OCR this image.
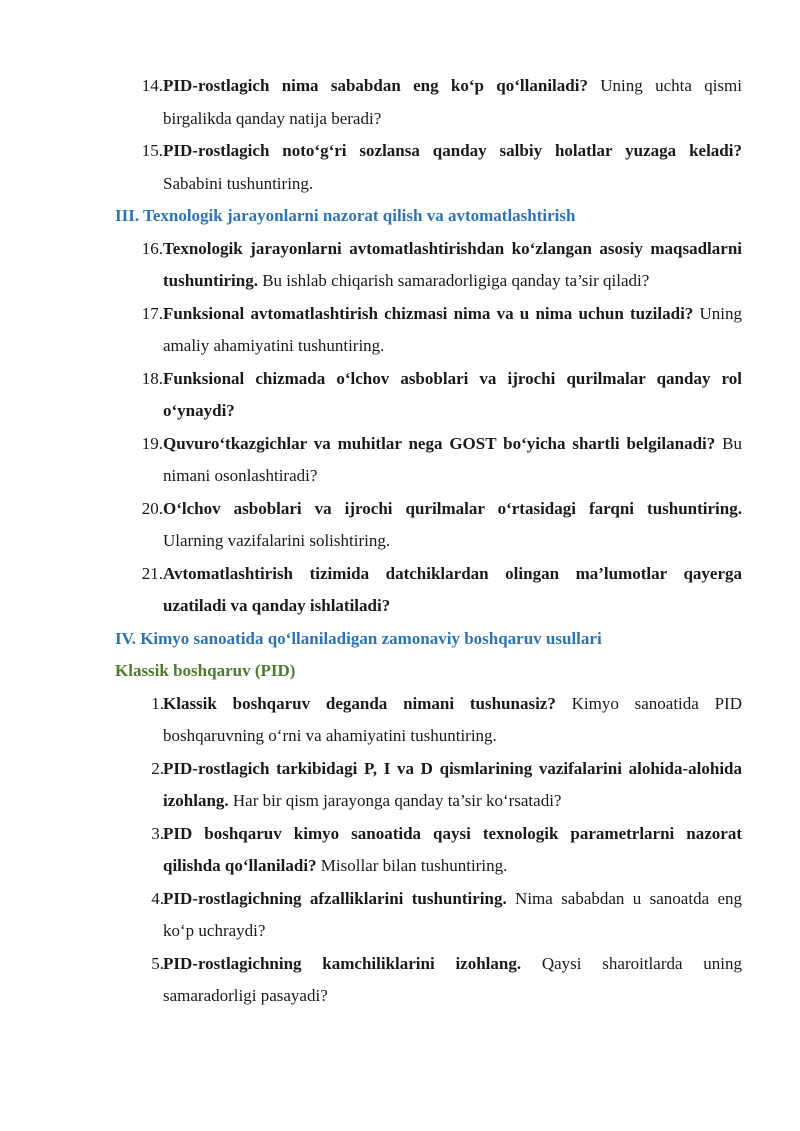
14. PID-rostlagich nima sababdan eng ko‘p qo‘llaniladi? Uning uchta qismi birgalikda qanday natija beradi?
15. PID-rostlagich noto‘g‘ri sozlansa qanday salbiy holatlar yuzaga keladi? Sababini tushuntiring.
III. Texnologik jarayonlarni nazorat qilish va avtomatlashtirish
16. Texnologik jarayonlarni avtomatlashtirishdan ko‘zlangan asosiy maqsadlarni tushuntiring. Bu ishlab chiqarish samaradorligiga qanday ta’sir qiladi?
17. Funksional avtomatlashtirish chizmasi nima va u nima uchun tuziladi? Uning amaliy ahamiyatini tushuntiring.
18. Funksional chizmada o‘lchov asboblari va ijrochi qurilmalar qanday rol o‘ynaydi?
19. Quvuro‘tkazgichlar va muhitlar nega GOST bo‘yicha shartli belgilanadi? Bu nimani osonlashtiradi?
20. O‘lchov asboblari va ijrochi qurilmalar o‘rtasidagi farqni tushuntiring. Ularning vazifalarini solishtiring.
21. Avtomatlashtirish tizimida datchiklardan olingan ma’lumotlar qayerga uzatiladi va qanday ishlatiladi?
IV. Kimyo sanoatida qo‘llaniladigan zamonaviy boshqaruv usullari
Klassik boshqaruv (PID)
1. Klassik boshqaruv deganda nimani tushunasiz? Kimyo sanoatida PID boshqaruvning o‘rni va ahamiyatini tushuntiring.
2. PID-rostlagich tarkibidagi P, I va D qismlarining vazifalarini alohida-alohida izohlang. Har bir qism jarayonga qanday ta’sir ko‘rsatadi?
3. PID boshqaruv kimyo sanoatida qaysi texnologik parametrlarni nazorat qilishda qo‘llaniladi? Misollar bilan tushuntiring.
4. PID-rostlagichning afzalliklarini tushuntiring. Nima sababdan u sanoatda eng ko‘p uchraydi?
5. PID-rostlagichning kamchiliklarini izohlang. Qaysi sharoitlarda uning samaradorligi pasayadi?
